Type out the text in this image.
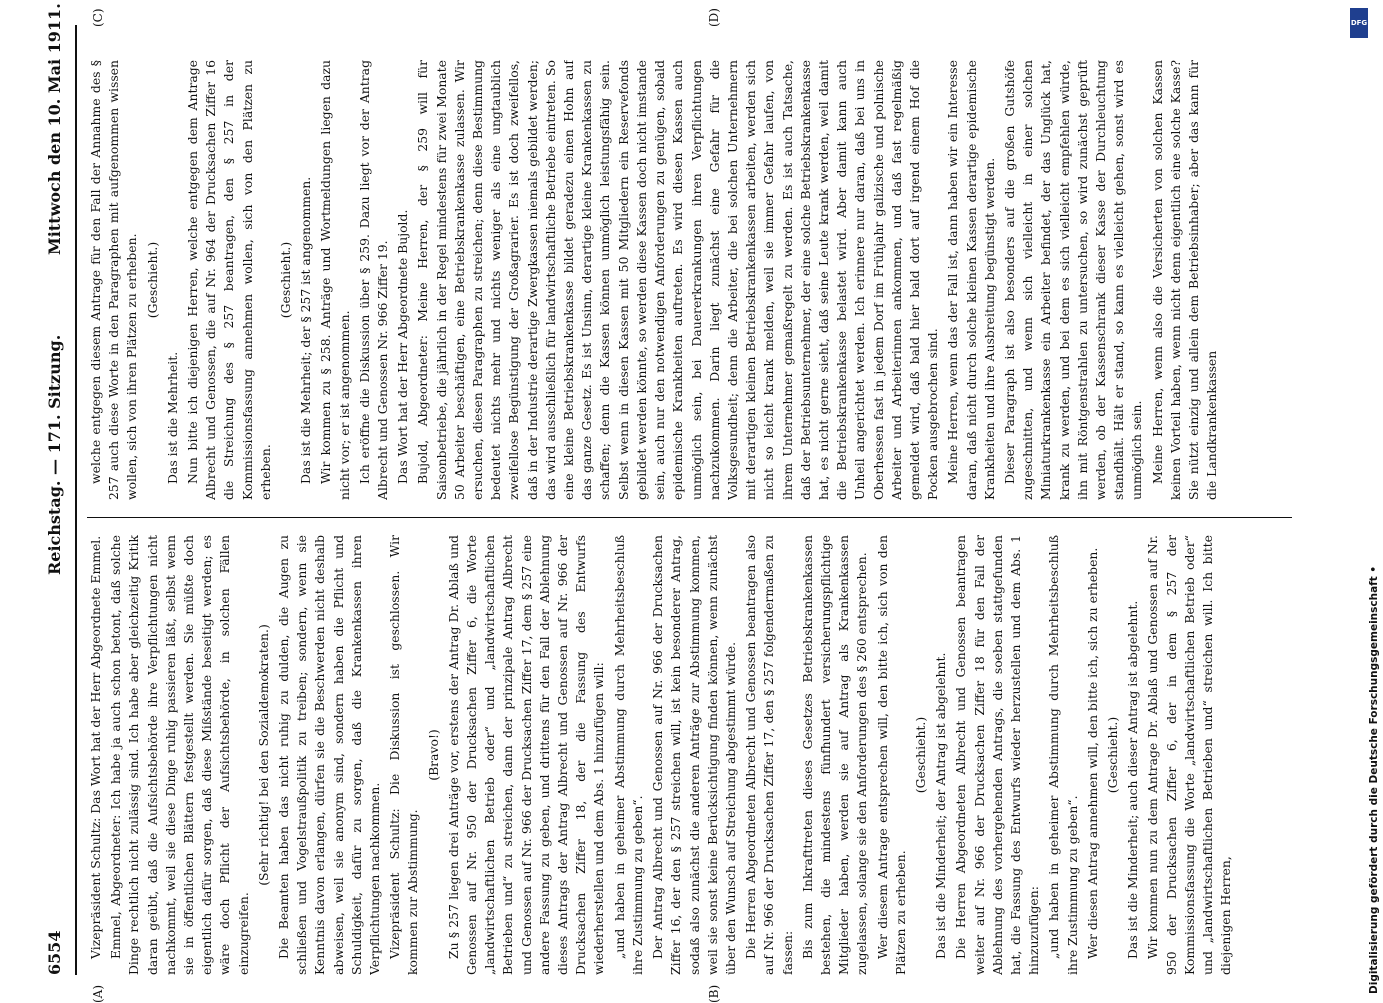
6554
Reichstag. — 171. Sitzung.
Mittwoch den 10. Mai 1911.
(A)	(B)
(C)	(D)

Vizepräsident Schultz: Das Wort hat der Herr Abgeordnete Emmel. Emmel, Abgeordneter: Ich habe ja auch schon betont, daß solche Dinge rechtlich nicht zulässig sind. Ich habe aber gleichzeitig Kritik daran geübt, daß die Aufsichtsbehörde ihre Verpflichtungen nicht nachkommt, weil sie diese Dinge ruhig passieren läßt, selbst wenn sie in öffentlichen Blättern festgestellt werden. Sie müßte doch eigentlich dafür sorgen, daß diese Mißstände beseitigt werden; es wäre doch Pflicht der Aufsichtsbehörde, in solchen Fällen einzugreifen.

(Sehr richtig! bei den Sozialdemokraten.) Die Beamten haben das nicht ruhig zu dulden, die Augen zu schließen und Vogelstraußpolitik zu treiben; sondern, wenn sie Kenntnis davon erlangen, dürfen sie die Beschwerden nicht deshalb abweisen, weil sie anonym sind, sondern haben die Pflicht und Schuldigkeit, dafür zu sorgen, daß die Krankenkassen ihren Verpflichtungen nachkommen. Vizepräsident Schultz: Die Diskussion ist geschlossen. Wir kommen zur Abstimmung.

(Bravo!) Zu § 257 liegen drei Anträge vor, erstens der Antrag Dr. Ablaß und Genossen auf Nr. 950 der Drucksachen Ziffer 6, die Worte „landwirtschaftlichen Betrieb oder“ und „landwirtschaftlichen Betrieben und“ zu streichen, dann der prinzipale Antrag Albrecht und Genossen auf Nr. 966 der Drucksachen Ziffer 17, dem § 257 eine andere Fassung zu geben, und drittens für den Fall der Ablehnung dieses Antrags der Antrag Albrecht und Genossen auf Nr. 966 der Drucksachen Ziffer 18, der die Fassung des Entwurfs wiederherstellen und dem Abs. 1 hinzufügen will: „und haben in geheimer Abstimmung durch Mehrheitsbeschluß ihre Zustimmung zu geben“. Der Antrag Albrecht und Genossen auf Nr. 966 der Drucksachen Ziffer 16, der den § 257 streichen will, ist kein besonderer Antrag, sodaß also zunächst die anderen Anträge zur Abstimmung kommen, weil sie sonst keine Berücksichtigung finden können, wenn zunächst über den Wunsch auf Streichung abgestimmt würde. Die Herren Abgeordneten Albrecht und Genossen beantragen also auf Nr. 966 der Drucksachen Ziffer 17, den § 257 folgendermaßen zu fassen: Bis zum Inkrafttreten dieses Gesetzes Betriebskrankenkassen bestehen, die mindestens fünfhundert versicherungspflichtige Mitglieder haben, werden sie auf Antrag als Krankenkassen zugelassen, solange sie den Anforderungen des § 260 entsprechen. Wer diesem Antrage entsprechen will, den bitte ich, sich von den Plätzen zu erheben.

(Geschieht.) Das ist die Minderheit; der Antrag ist abgelehnt. Die Herren Abgeordneten Albrecht und Genossen beantragen weiter auf Nr. 966 der Drucksachen Ziffer 18 für den Fall der Ablehnung des vorhergehenden Antrags, die soeben stattgefunden hat, die Fassung des Entwurfs wieder herzustellen und dem Abs. 1 hinzuzufügen: „und haben in geheimer Abstimmung durch Mehrheitsbeschluß ihre Zustimmung zu geben“. Wer diesen Antrag annehmen will, den bitte ich, sich zu erheben. (Geschieht.) Das ist die Minderheit; auch dieser Antrag ist abgelehnt. Wir kommen nun zu dem Antrage Dr. Ablaß und Genossen auf Nr. 950 der Drucksachen Ziffer 6, der in dem § 257 der Kommissionsfassung die Worte „landwirtschaftlichen Betrieb oder“ und „landwirtschaftlichen Betrieben und“ streichen will. Ich bitte diejenigen Herren,

welche entgegen diesem Antrage für den Fall der Annahme des § 257 auch diese Worte in den Paragraphen mit aufgenommen wissen wollen, sich von ihren Plätzen zu erheben. (Geschieht.)

Das ist die Mehrheit. Nun bitte ich diejenigen Herren, welche entgegen dem Antrage Albrecht und Genossen, die auf Nr. 964 der Drucksachen Ziffer 16 die Streichung des § 257 beantragen, den § 257 in der Kommissionsfassung annehmen wollen, sich von den Plätzen zu erheben.

(Geschieht.) Das ist die Mehrheit; der § 257 ist angenommen. Wir kommen zu § 258. Anträge und Wortmeldungen liegen dazu nicht vor; er ist angenommen. Ich eröffne die Diskussion über § 259. Dazu liegt vor der Antrag Albrecht und Genossen Nr. 966 Ziffer 19. Das Wort hat der Herr Abgeordnete Bujold. Bujold, Abgeordneter: Meine Herren, der § 259 will für Saisonbetriebe, die jährlich in der Regel mindestens für zwei Monate 50 Arbeiter beschäftigen, eine Betriebskrankenkasse zulassen. Wir ersuchen, diesen Paragraphen zu streichen; denn diese Bestimmung bedeutet nichts mehr und nichts weniger als eine ungtaublich zweifellose Begünstigung der Großagrarier. Es ist doch zweifellos, daß in der Industrie derartige Zwergkassen niemals gebildet werden; das wird ausschließlich für landwirtschaftliche Betriebe eintreten. So eine kleine Betriebskrankenkasse bildet geradezu einen Hohn auf das ganze Gesetz. Es ist Unsinn, derartige kleine Krankenkassen zu schaffen; denn die Kassen können unmöglich leistungsfähig sein. Selbst wenn in diesen Kassen mit 50 Mitgliedern ein Reservefonds gebildet werden könnte, so werden diese Kassen doch nicht imstande sein, auch nur den notwendigen Anforderungen zu genügen, sobald epidemische Krankheiten auftreten. Es wird diesen Kassen auch unmöglich sein, bei Dauererkrankungen ihren Verpflichtungen nachzukommen. Darin liegt zunächst eine Gefahr für die Volksgesundheit; denn die Arbeiter, die bei solchen Unternehmern mit derartigen kleinen Betriebskrankenkassen arbeiten, werden sich nicht so leicht krank melden, weil sie immer Gefahr laufen, von ihrem Unternehmer gemaßregelt zu werden. Es ist auch Tatsache, daß der Betriebsunternehmer, der eine solche Betriebskrankenkasse hat, es nicht gerne sieht, daß seine Leute krank werden, weil damit die Betriebskrankenkasse belastet wird. Aber damit kann auch Unheil angerichtet werden. Ich erinnere nur daran, daß bei uns in Oberhessen fast in jedem Dorf im Frühjahr galizische und polnische Arbeiter und Arbeiterinnen ankommen, und daß fast regelmäßig gemeldet wird, daß bald hier bald dort auf irgend einem Hof die Pocken ausgebrochen sind. Meine Herren, wenn das der Fall ist, dann haben wir ein Interesse daran, daß nicht durch solche kleinen Kassen derartige epidemische Krankheiten und ihre Ausbreitung begünstigt werden. Dieser Paragraph ist also besonders auf die großen Gutshöfe zugeschnitten, und wenn sich vielleicht in einer solchen Miniaturkrankenkasse ein Arbeiter befindet, der das Unglück hat, krank zu werden, und bei dem es sich vielleicht empfehlen würde, ihn mit Röntgenstrahlen zu untersuchen, so wird zunächst geprüft werden, ob der Kassenschrank dieser Kasse der Durchleuchtung standhält. Hält er stand, so kann es vielleicht gehen, sonst wird es unmöglich sein. Meine Herren, wenn also die Versicherten von solchen Kassen keinen Vorteil haben, wenn nicht denn eigentlich eine solche Kasse? Sie nützt einzig und allein dem Betriebsinhaber; aber das kann für die Landkrankenkassen

DFG
Digitalisierung gefördert durch die Deutsche Forschungsgemeinschaft •
